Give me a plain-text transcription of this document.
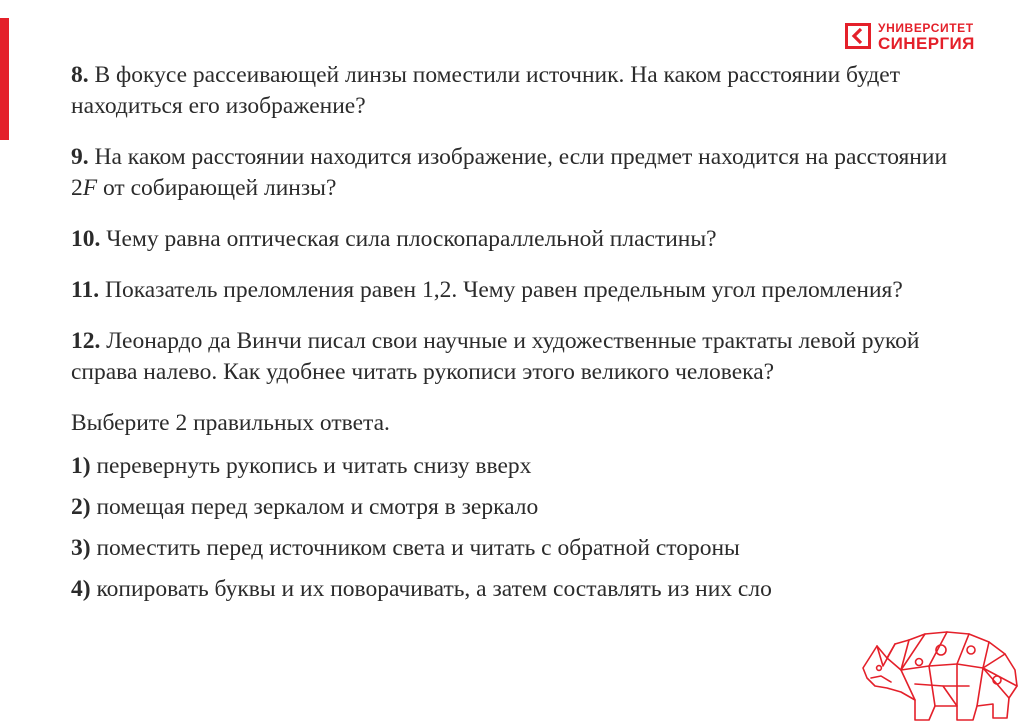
УНИВЕРСИТЕТ
СИНЕРГИЯ

8. В фокусе рассеивающей линзы поместили источник. На каком расстоянии будет находиться его изображение?

9. На каком расстоянии находится изображение, если предмет находится на расстоянии 2F от собирающей линзы?

10. Чему равна оптическая сила плоскопараллельной пластины?

11. Показатель преломления равен 1,2. Чему равен предельным угол преломления?

12. Леонардо да Винчи писал свои научные и художественные трактаты левой рукой справа налево. Как удобнее читать рукописи этого великого человека?

Выберите 2 правильных ответа.

1) перевернуть рукопись и читать снизу вверх

2) помещая перед зеркалом и смотря в зеркало

3) поместить перед источником света и читать с обратной стороны

4) копировать буквы и их поворачивать, а затем составлять из них сло
